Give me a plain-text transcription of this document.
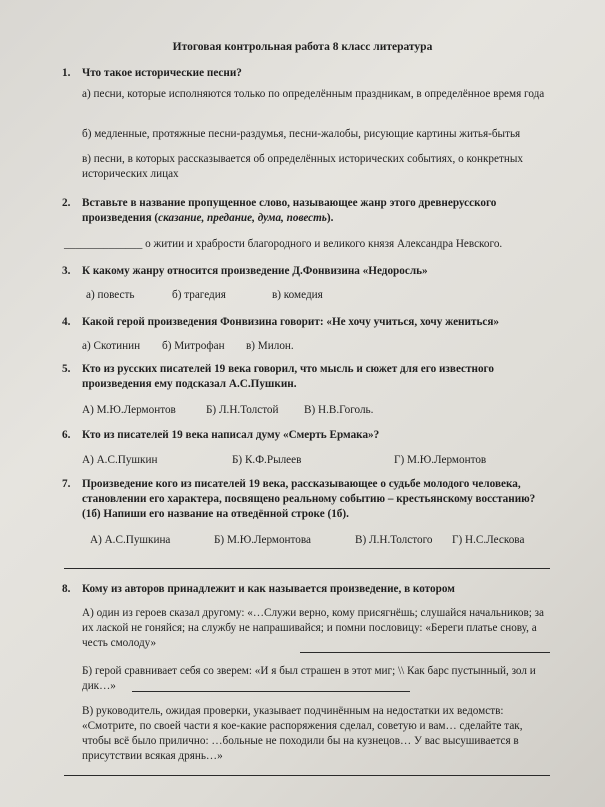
Итоговая контрольная работа 8 класс литература
1. Что такое исторические песни?
а) песни, которые исполняются только по определённым праздникам, в определённое время года
б) медленные, протяжные песни-раздумья, песни-жалобы, рисующие картины житья-бытья
в) песни, в которых рассказывается об определённых исторических событиях, о конкретных исторических лицах
2. Вставьте в название пропущенное слово, называющее жанр этого древнерусского произведения (сказание, предание, дума, повесть).
______________ о житии и храбрости благородного и великого князя Александра Невского.
3. К какому жанру относится произведение Д.Фонвизина «Недоросль»
а) повесть	б) трагедия	в) комедия
4. Какой герой произведения Фонвизина говорит: «Не хочу учиться, хочу жениться»
а) Скотинин б) Митрофан в) Милон.
5. Кто из русских писателей 19 века говорил, что мысль и сюжет для его известного произведения ему подсказал А.С.Пушкин.
А) М.Ю.Лермонтов	Б) Л.Н.Толстой В) Н.В.Гоголь.
6. Кто из писателей 19 века написал думу «Смерть Ермака»?
А) А.С.Пушкин	Б) К.Ф.Рылеев	Г) М.Ю.Лермонтов
7. Произведение кого из писателей 19 века, рассказывающее о судьбе молодого человека, становлении его характера, посвящено реальному событию – крестьянскому восстанию? (1б) Напиши его название на отведённой строке (1б).
А) А.С.Пушкина	Б) М.Ю.Лермонтова	В) Л.Н.Толстого Г) Н.С.Лескова
8. Кому из авторов принадлежит и как называется произведение, в котором
А) один из героев сказал другому: «…Служи верно, кому присягнёшь; слушайся начальников; за их лаской не гоняйся; на службу не напрашивайся; и помни пословицу: «Береги платье снову, а честь смолоду»
Б) герой сравнивает себя со зверем: «И я был страшен в этот миг; \\ Как барс пустынный, зол и дик…»
В) руководитель, ожидая проверки, указывает подчинённым на недостатки их ведомств: «Смотрите, по своей части я кое-какие распоряжения сделал, советую и вам… сделайте так, чтобы всё было прилично: …больные не походили бы на кузнецов… У вас высушивается в присутствии всякая дрянь…»
